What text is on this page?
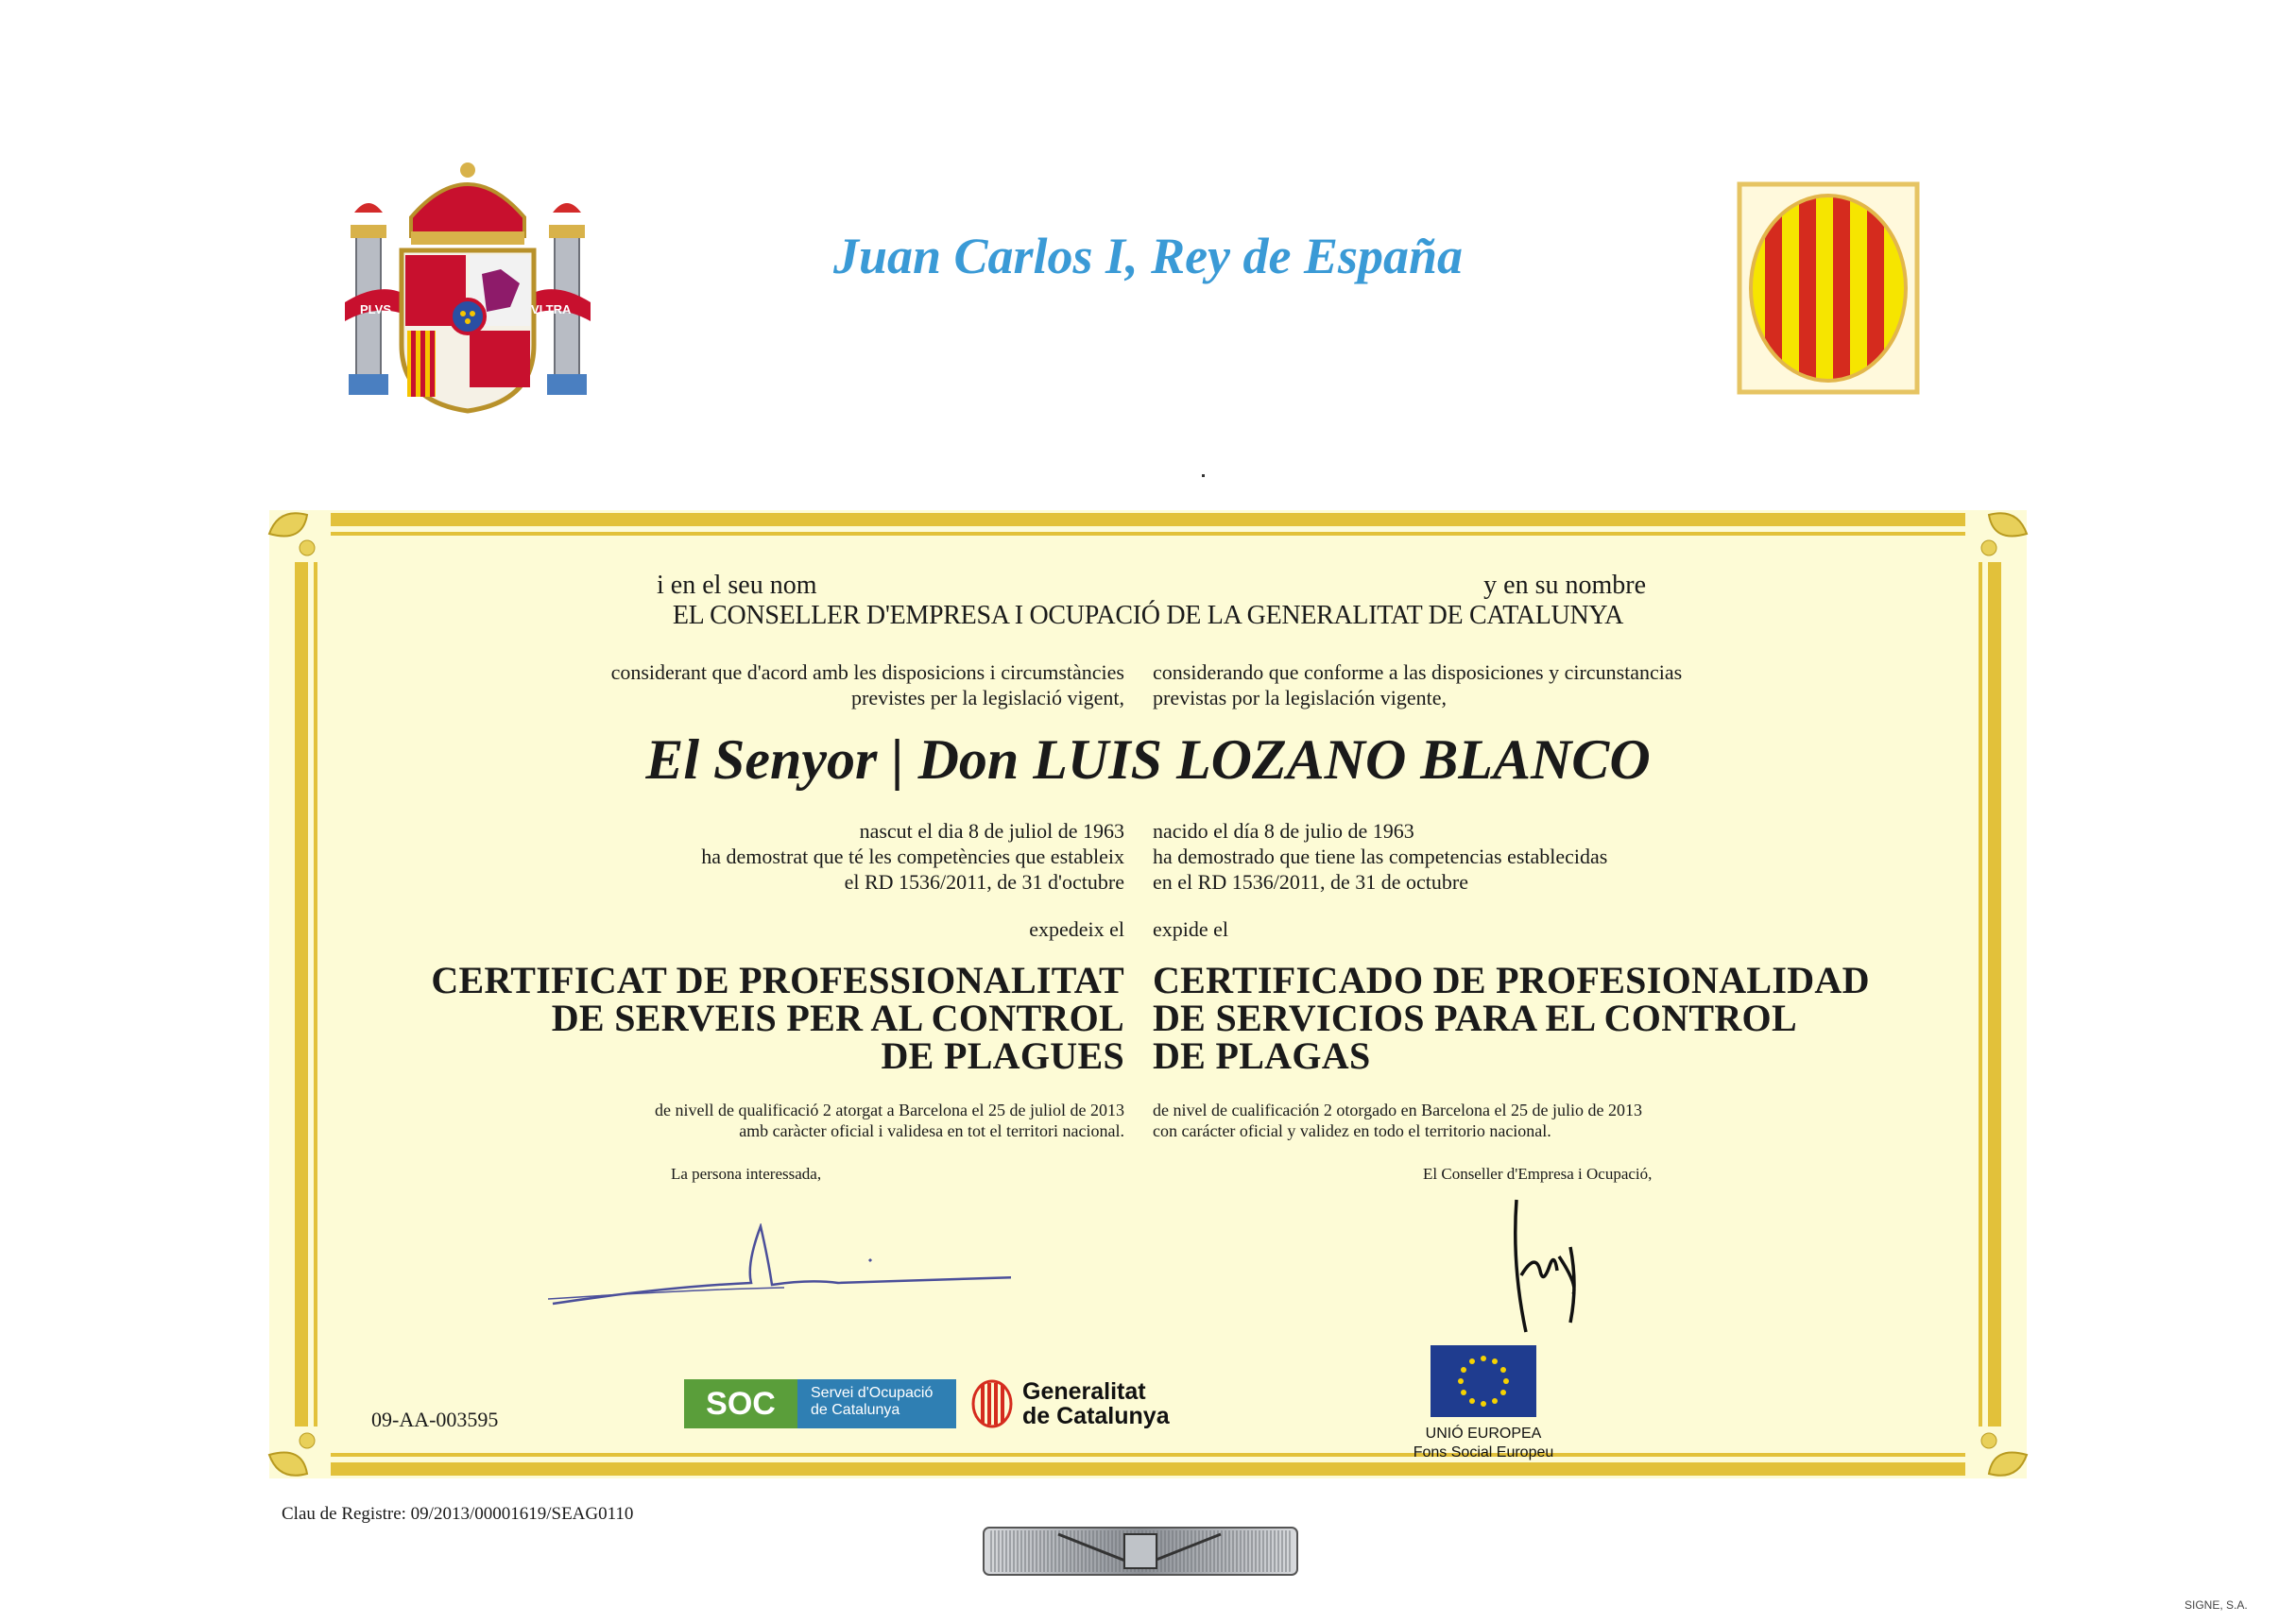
Juan Carlos I, Rey de España
PLVS	VLTRA
i en el seu nom	y en su nombre
EL CONSELLER D'EMPRESA I OCUPACIÓ DE LA GENERALITAT DE CATALUNYA
considerant que d'acord amb les disposicions i circumstàncies
previstes per la legislació vigent,
considerando que conforme a las disposiciones y circunstancias
previstas por la legislación vigente,
El Senyor | Don LUIS LOZANO BLANCO
nascut el dia 8 de juliol de 1963
ha demostrat que té les competències que estableix
el RD 1536/2011, de 31 d'octubre
nacido el día 8 de julio de 1963
ha demostrado que tiene las competencias establecidas
en el RD 1536/2011, de 31 de octubre
expedeix el expide el
CERTIFICAT DE PROFESSIONALITAT
DE SERVEIS PER AL CONTROL
DE PLAGUES
CERTIFICADO DE PROFESIONALIDAD
DE SERVICIOS PARA EL CONTROL
DE PLAGAS
de nivell de qualificació 2 atorgat a Barcelona el 25 de juliol de 2013
amb caràcter oficial i validesa en tot el territori nacional.
de nivel de cualificación 2 otorgado en Barcelona el 25 de julio de 2013
con carácter oficial y validez en todo el territorio nacional.
La persona interessada,	El Conseller d'Empresa i Ocupació,
09-AA-003595	SOC	Servei d'Ocupació
de Catalunya
Generalitat
de Catalunya
UNIÓ EUROPEA
Fons Social Europeu
Clau de Registre: 09/2013/00001619/SEAG0110
SIGNE, S.A.
